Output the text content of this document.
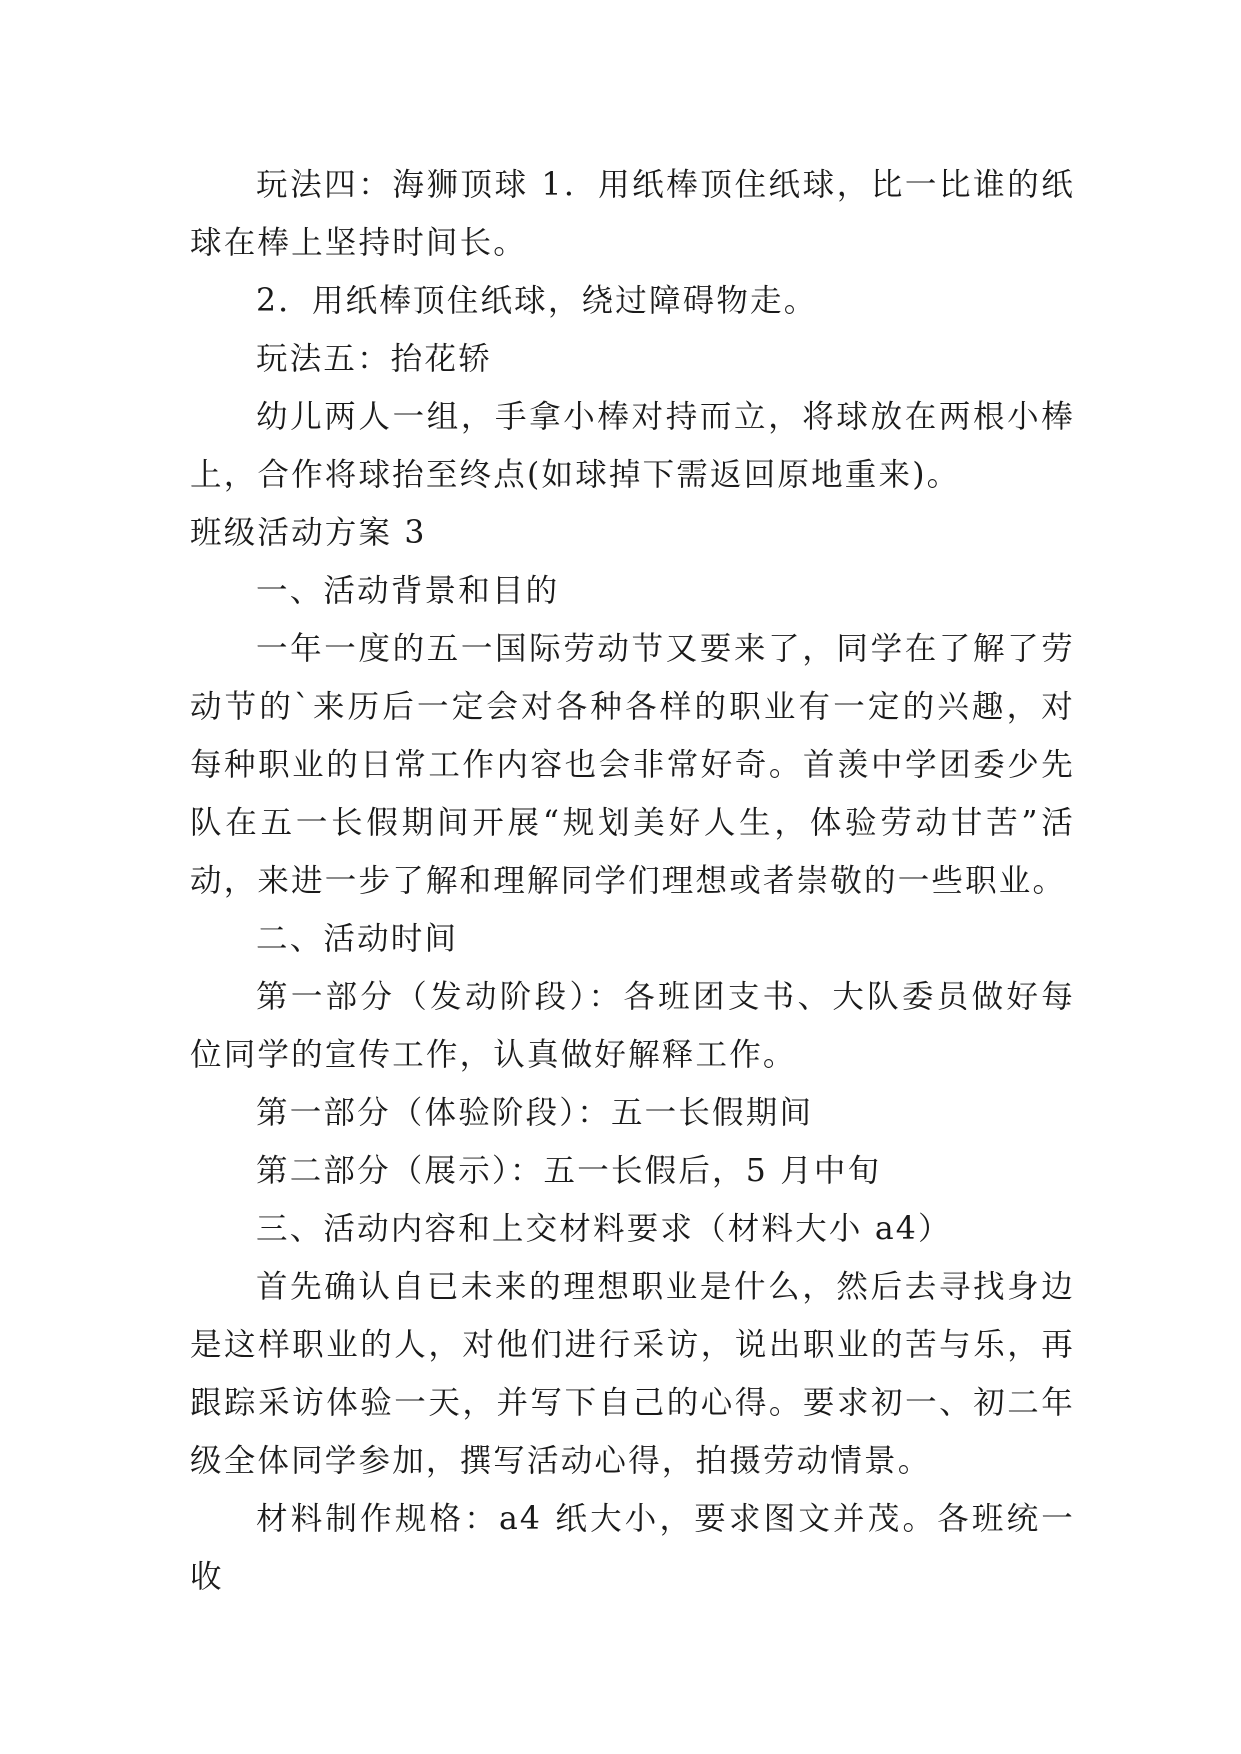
玩法四：海狮顶球 1．用纸棒顶住纸球，比一比谁的纸球在棒上坚持时间长。

2．用纸棒顶住纸球，绕过障碍物走。

玩法五：抬花轿

幼儿两人一组，手拿小棒对持而立，将球放在两根小棒上，合作将球抬至终点(如球掉下需返回原地重来)。

班级活动方案 3

一、活动背景和目的

一年一度的五一国际劳动节又要来了，同学在了解了劳动节的`来历后一定会对各种各样的职业有一定的兴趣，对每种职业的日常工作内容也会非常好奇。首羡中学团委少先队在五一长假期间开展“规划美好人生，体验劳动甘苦”活动，来进一步了解和理解同学们理想或者崇敬的一些职业。

二、活动时间

第一部分（发动阶段）：各班团支书、大队委员做好每位同学的宣传工作，认真做好解释工作。

第一部分（体验阶段）：五一长假期间

第二部分（展示）：五一长假后，5 月中旬

三、活动内容和上交材料要求（材料大小 a4）

首先确认自已未来的理想职业是什么，然后去寻找身边是这样职业的人，对他们进行采访，说出职业的苦与乐，再跟踪采访体验一天，并写下自己的心得。要求初一、初二年级全体同学参加，撰写活动心得，拍摄劳动情景。

材料制作规格：a4 纸大小，要求图文并茂。各班统一收
